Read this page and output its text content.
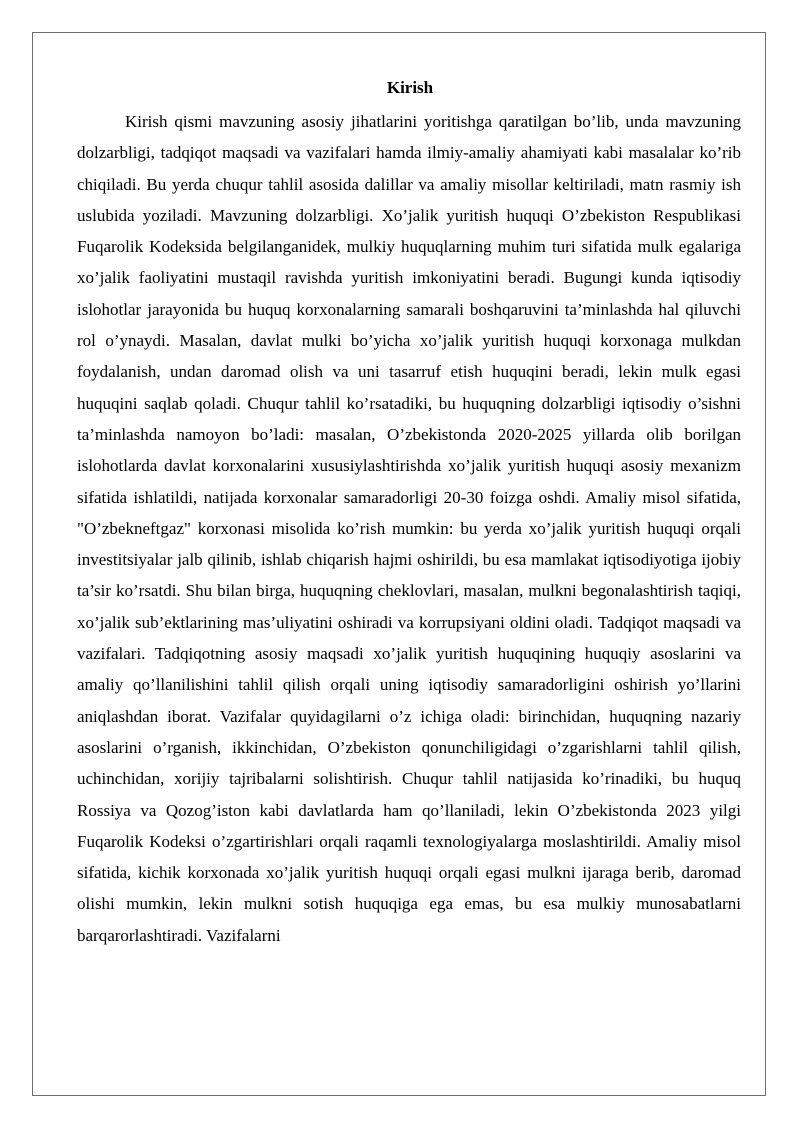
Kirish

Kirish qismi mavzuning asosiy jihatlarini yoritishga qaratilgan bo’lib, unda mavzuning dolzarbligi, tadqiqot maqsadi va vazifalari hamda ilmiy-amaliy ahamiyati kabi masalalar ko’rib chiqiladi. Bu yerda chuqur tahlil asosida dalillar va amaliy misollar keltiriladi, matn rasmiy ish uslubida yoziladi. Mavzuning dolzarbligi. Xo’jalik yuritish huquqi O’zbekiston Respublikasi Fuqarolik Kodeksida belgilanganidek, mulkiy huquqlarning muhim turi sifatida mulk egalariga xo’jalik faoliyatini mustaqil ravishda yuritish imkoniyatini beradi. Bugungi kunda iqtisodiy islohotlar jarayonida bu huquq korxonalarning samarali boshqaruvini ta’minlashda hal qiluvchi rol o’ynaydi. Masalan, davlat mulki bo’yicha xo’jalik yuritish huquqi korxonaga mulkdan foydalanish, undan daromad olish va uni tasarruf etish huquqini beradi, lekin mulk egasi huquqini saqlab qoladi. Chuqur tahlil ko’rsatadiki, bu huquqning dolzarbligi iqtisodiy o’sishni ta’minlashda namoyon bo’ladi: masalan, O’zbekistonda 2020-2025 yillarda olib borilgan islohotlarda davlat korxonalarini xususiylashtirishda xo’jalik yuritish huquqi asosiy mexanizm sifatida ishlatildi, natijada korxonalar samaradorligi 20-30 foizga oshdi. Amaliy misol sifatida, "O’zbekneftgaz" korxonasi misolida ko’rish mumkin: bu yerda xo’jalik yuritish huquqi orqali investitsiyalar jalb qilinib, ishlab chiqarish hajmi oshirildi, bu esa mamlakat iqtisodiyotiga ijobiy ta’sir ko’rsatdi. Shu bilan birga, huquqning cheklovlari, masalan, mulkni begonalashtirish taqiqi, xo’jalik sub’ektlarining mas’uliyatini oshiradi va korrupsiyani oldini oladi. Tadqiqot maqsadi va vazifalari. Tadqiqotning asosiy maqsadi xo’jalik yuritish huquqining huquqiy asoslarini va amaliy qo’llanilishini tahlil qilish orqali uning iqtisodiy samaradorligini oshirish yo’llarini aniqlashdan iborat. Vazifalar quyidagilarni o’z ichiga oladi: birinchidan, huquqning nazariy asoslarini o’rganish, ikkinchidan, O’zbekiston qonunchiligidagi o’zgarishlarni tahlil qilish, uchinchidan, xorijiy tajribalarni solishtirish. Chuqur tahlil natijasida ko’rinadiki, bu huquq Rossiya va Qozog’iston kabi davlatlarda ham qo’llaniladi, lekin O’zbekistonda 2023 yilgi Fuqarolik Kodeksi o’zgartirishlari orqali raqamli texnologiyalarga moslashtirildi. Amaliy misol sifatida, kichik korxonada xo’jalik yuritish huquqi orqali egasi mulkni ijaraga berib, daromad olishi mumkin, lekin mulkni sotish huquqiga ega emas, bu esa mulkiy munosabatlarni barqarorlashtiradi. Vazifalarni
